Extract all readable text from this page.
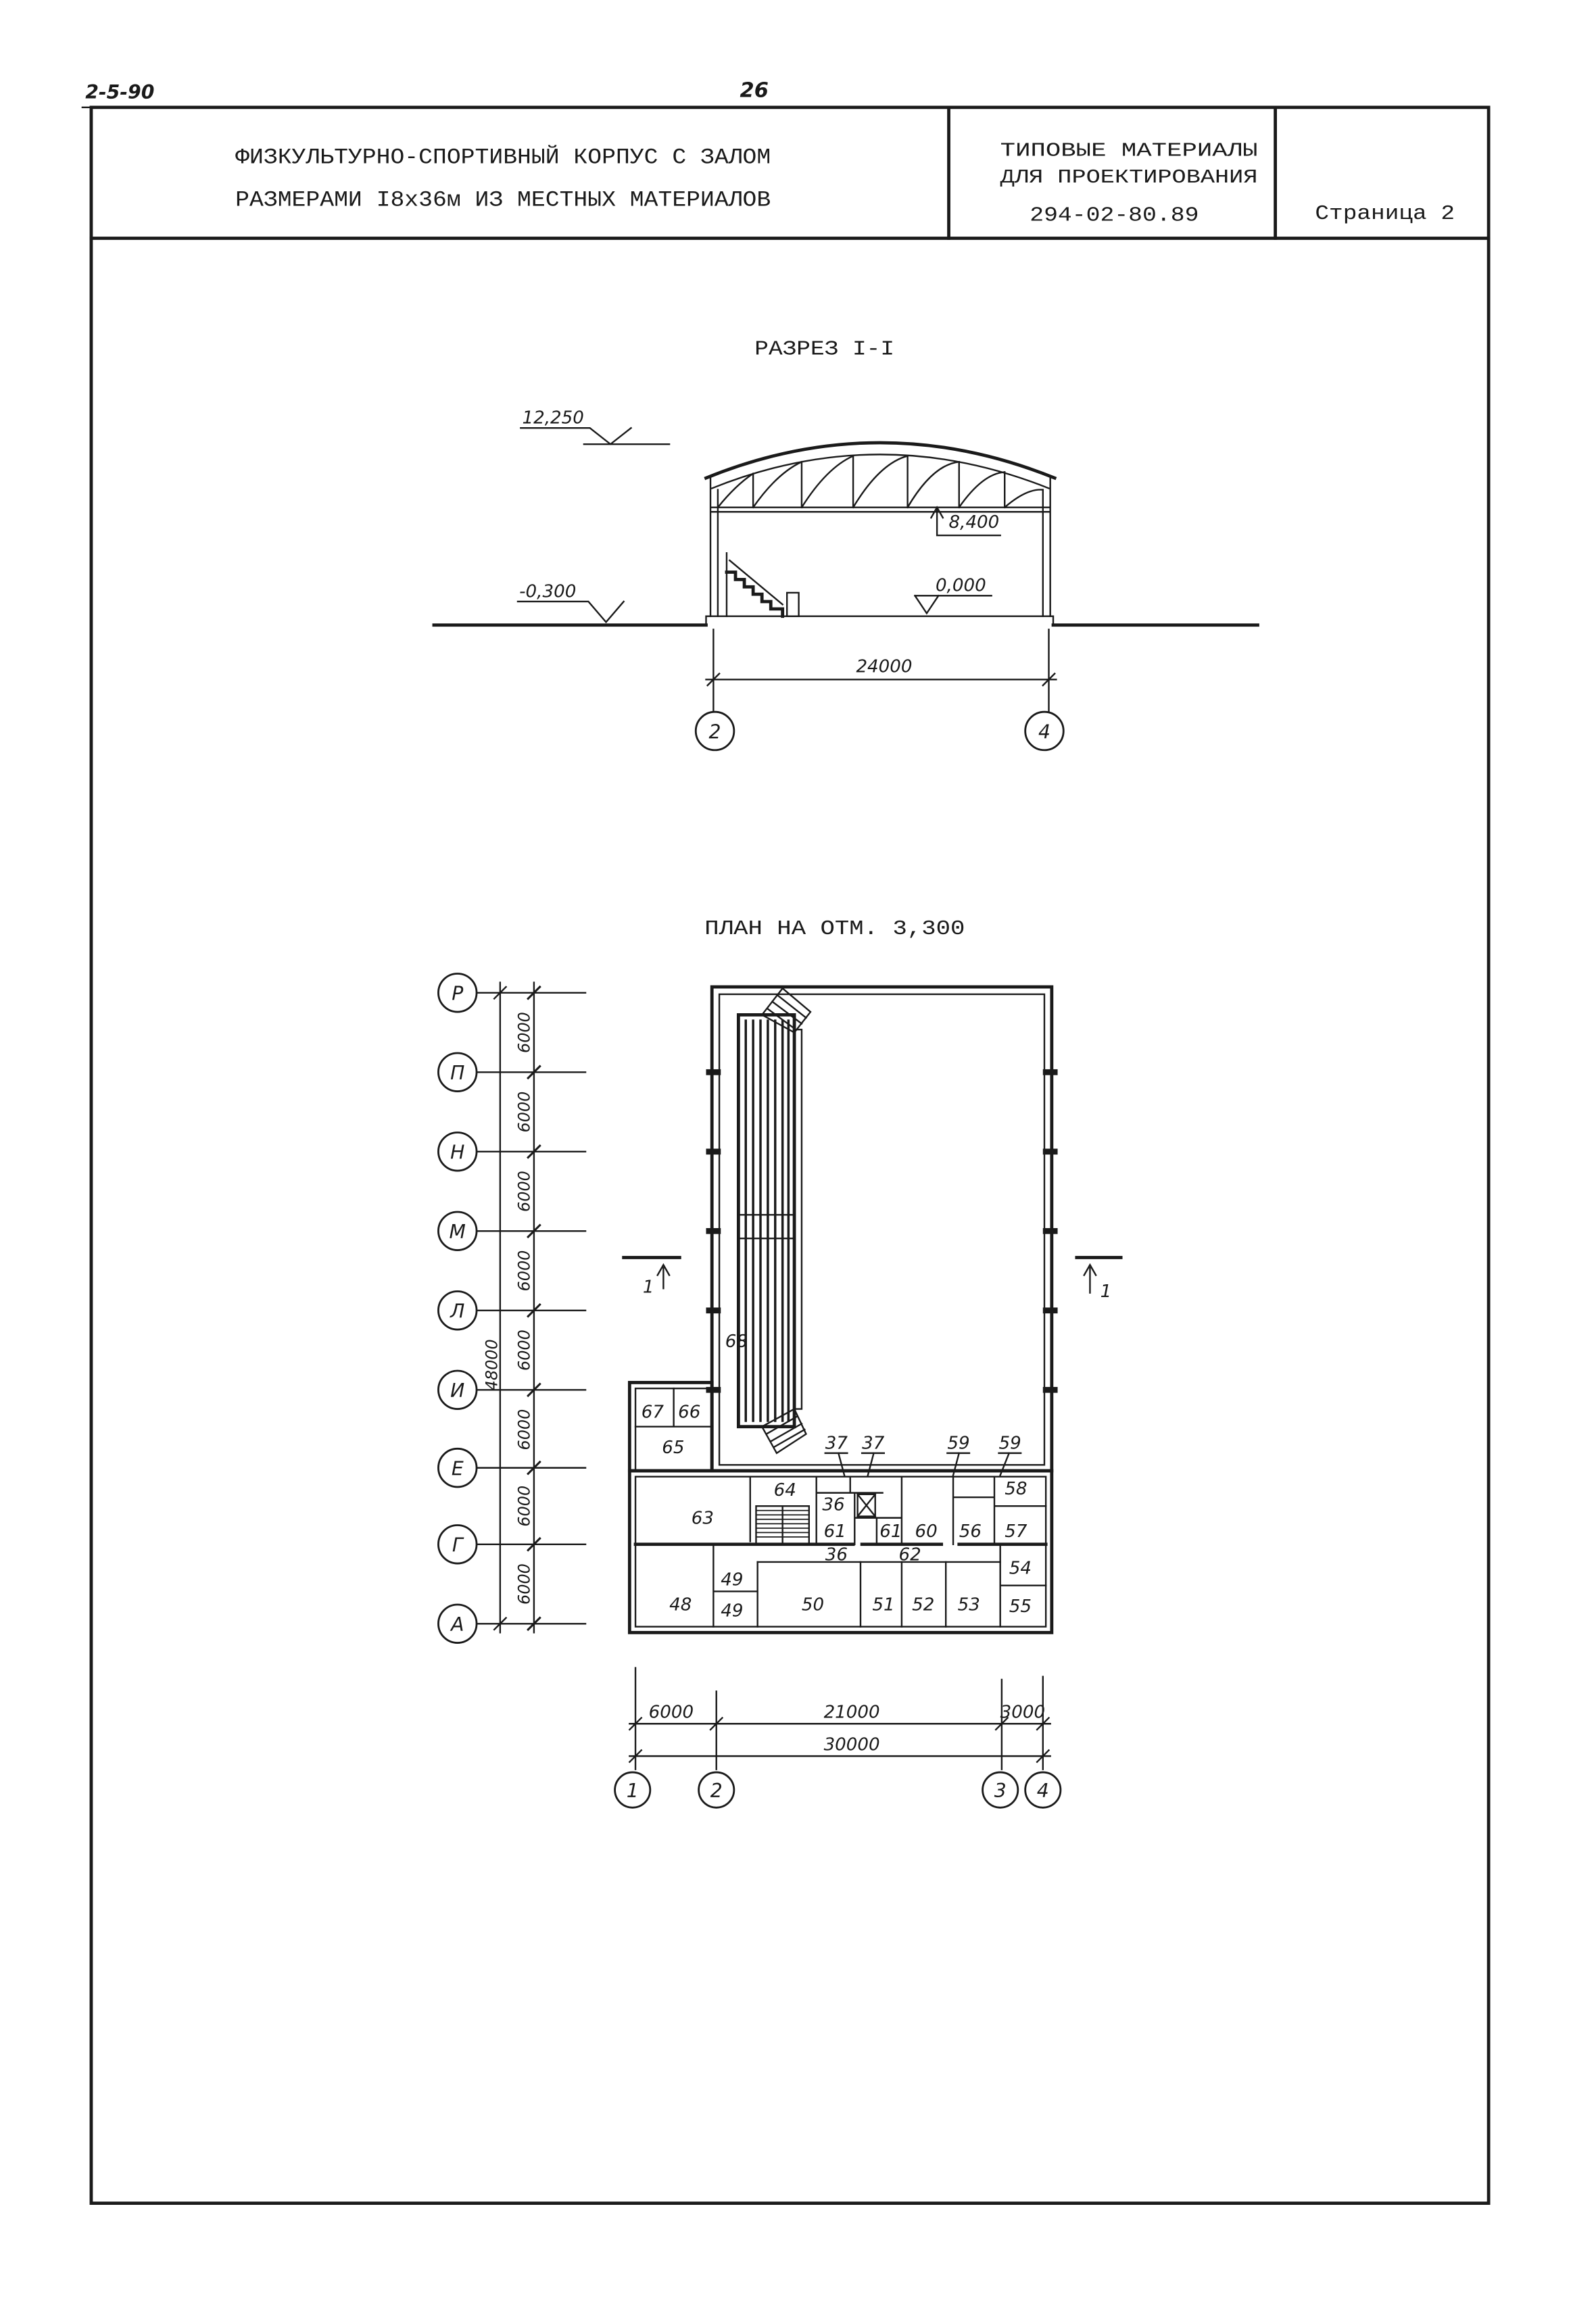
2-5-90	26
ФИЗКУЛЬТУРНО-СПОРТИВНЫЙ КОРПУС С ЗАЛОМ
РАЗМЕРАМИ I8x36м ИЗ МЕСТНЫХ МАТЕРИАЛОВ
ТИПОВЫЕ МАТЕРИАЛЫ
ДЛЯ ПРОЕКТИРОВАНИЯ
294-02-80.89	Страница 2
РАЗРЕЗ I-I
12,250
8,400
-0,300	0,000
24000
2	4
ПЛАН НА ОТМ. 3,300
Р
П
Н
М
Л
И
Е
Г
А
6000
6000
6000
6000
6000
6000
6000
6000
48000	68
67 66
65
64
63
37 37
36
61	61
36	62
60
59	59
58
56	57
54
55
48
49
49	50	51 52	53
1	1
6000	21000	3000
30000
1	2	3	4
